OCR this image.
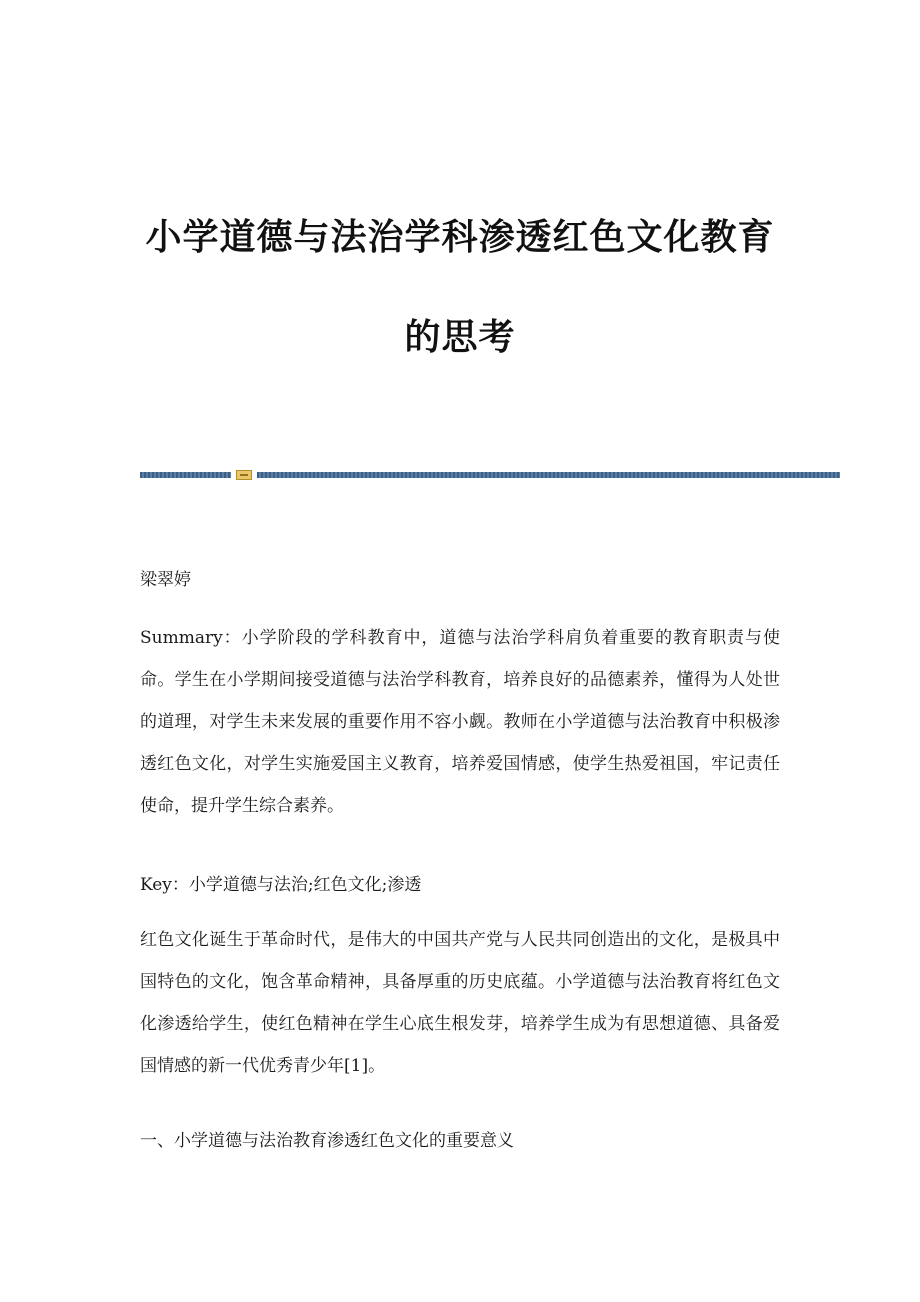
小学道德与法治学科渗透红色文化教育
的思考
梁翠婷
Summary：小学阶段的学科教育中，道德与法治学科肩负着重要的教育职责与使命。学生在小学期间接受道德与法治学科教育，培养良好的品德素养，懂得为人处世的道理，对学生未来发展的重要作用不容小觑。教师在小学道德与法治教育中积极渗透红色文化，对学生实施爱国主义教育，培养爱国情感，使学生热爱祖国，牢记责任使命，提升学生综合素养。
Key：小学道德与法治;红色文化;渗透
红色文化诞生于革命时代，是伟大的中国共产党与人民共同创造出的文化，是极具中国特色的文化，饱含革命精神，具备厚重的历史底蕴。小学道德与法治教育将红色文化渗透给学生，使红色精神在学生心底生根发芽，培养学生成为有思想道德、具备爱国情感的新一代优秀青少年[1]。
一、小学道德与法治教育渗透红色文化的重要意义
